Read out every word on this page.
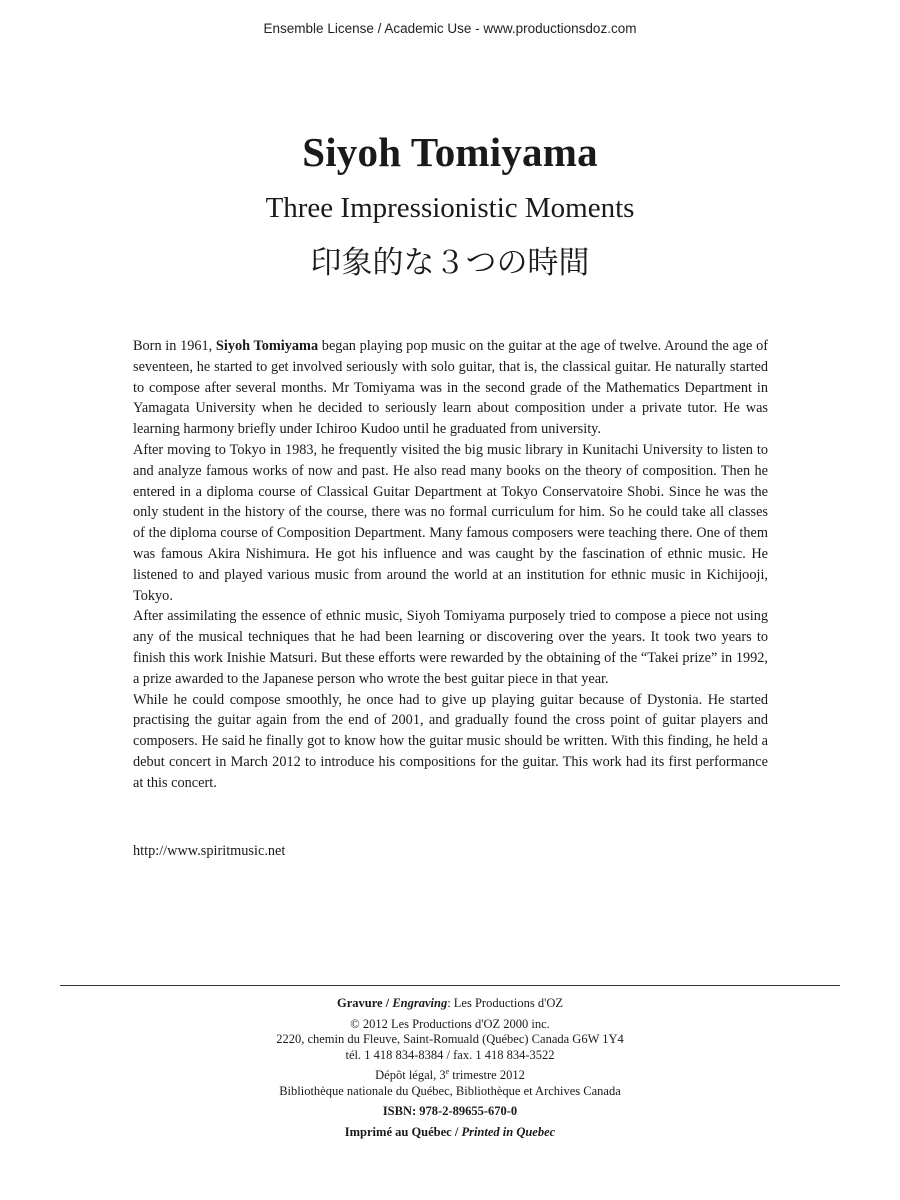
Ensemble License / Academic Use - www.productionsdoz.com
Siyoh Tomiyama
Three Impressionistic Moments
印象的な３つの時間

Born in 1961, Siyoh Tomiyama began playing pop music on the guitar at the age of twelve. Around the age of seventeen, he started to get involved seriously with solo guitar, that is, the classical guitar. He naturally started to compose after several months. Mr Tomiyama was in the second grade of the Mathematics Department in Yamagata University when he decided to seriously learn about composition under a private tutor. He was learning harmony briefly under Ichiroo Kudoo until he graduated from university.

After moving to Tokyo in 1983, he frequently visited the big music library in Kunitachi University to listen to and analyze famous works of now and past. He also read many books on the theory of composition. Then he entered in a diploma course of Classical Guitar Department at Tokyo Conservatoire Shobi. Since he was the only student in the history of the course, there was no formal curriculum for him. So he could take all classes of the diploma course of Composition Department. Many famous composers were teaching there. One of them was famous Akira Nishimura. He got his influence and was caught by the fascination of ethnic music. He listened to and played various music from around the world at an institution for ethnic music in Kichijooji, Tokyo.

After assimilating the essence of ethnic music, Siyoh Tomiyama purposely tried to compose a piece not using any of the musical techniques that he had been learning or discovering over the years. It took two years to finish this work Inishie Matsuri. But these efforts were rewarded by the obtaining of the “Takei prize” in 1992, a prize awarded to the Japanese person who wrote the best guitar piece in that year.

While he could compose smoothly, he once had to give up playing guitar because of Dystonia. He started practising the guitar again from the end of 2001, and gradually found the cross point of guitar players and composers. He said he finally got to know how the guitar music should be written. With this finding, he held a debut concert in March 2012 to introduce his compositions for the guitar. This work had its first performance at this concert.

http://www.spiritmusic.net
Gravure / Engraving: Les Productions d'OZ
© 2012 Les Productions d'OZ 2000 inc.
2220, chemin du Fleuve, Saint-Romuald (Québec) Canada G6W 1Y4
tél. 1 418 834-8384 / fax. 1 418 834-3522
Dépôt légal, 3e trimestre 2012
Bibliothèque nationale du Québec, Bibliothèque et Archives Canada
ISBN: 978-2-89655-670-0
Imprimé au Québec / Printed in Quebec
